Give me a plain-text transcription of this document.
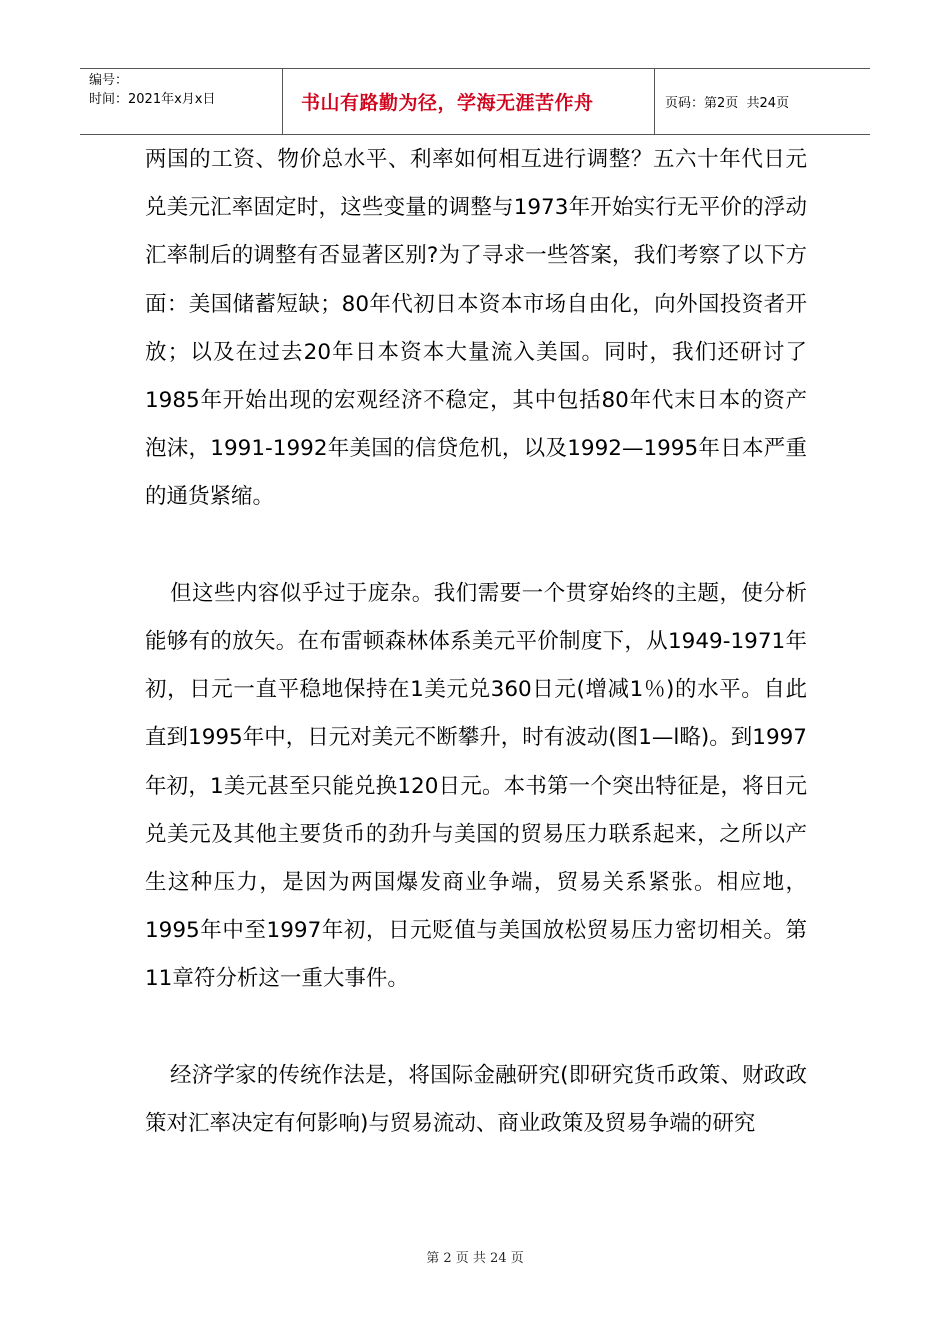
编号：
时间：2021年x月x日	书山有路勤为径，学海无涯苦作舟	页码：第2页  共24页

两国的工资、物价总水平、利率如何相互进行调整？五六十年代日元兑美元汇率固定时，这些变量的调整与1973年开始实行无平价的浮动汇率制后的调整有否显著区别?为了寻求一些答案，我们考察了以下方面：美国储蓄短缺；80年代初日本资本市场自由化，向外国投资者开放；以及在过去20年日本资本大量流入美国。同时，我们还研讨了1985年开始出现的宏观经济不稳定，其中包括80年代末日本的资产泡沫，1991-1992年美国的信贷危机，以及1992—1995年日本严重的通货紧缩。

但这些内容似乎过于庞杂。我们需要一个贯穿始终的主题，使分析能够有的放矢。在布雷顿森林体系美元平价制度下，从1949-1971年初，日元一直平稳地保持在1美元兑360日元(增减1％)的水平。自此直到1995年中，日元对美元不断攀升，时有波动(图1—l略)。到1997年初，1美元甚至只能兑换120日元。本书第一个突出特征是，将日元兑美元及其他主要货币的劲升与美国的贸易压力联系起来，之所以产生这种压力，是因为两国爆发商业争端，贸易关系紧张。相应地，1995年中至1997年初，日元贬值与美国放松贸易压力密切相关。第11章符分析这一重大事件。

经济学家的传统作法是，将国际金融研究(即研究货币政策、财政政策对汇率决定有何影响)与贸易流动、商业政策及贸易争端的研究

第 2 页 共 24 页
